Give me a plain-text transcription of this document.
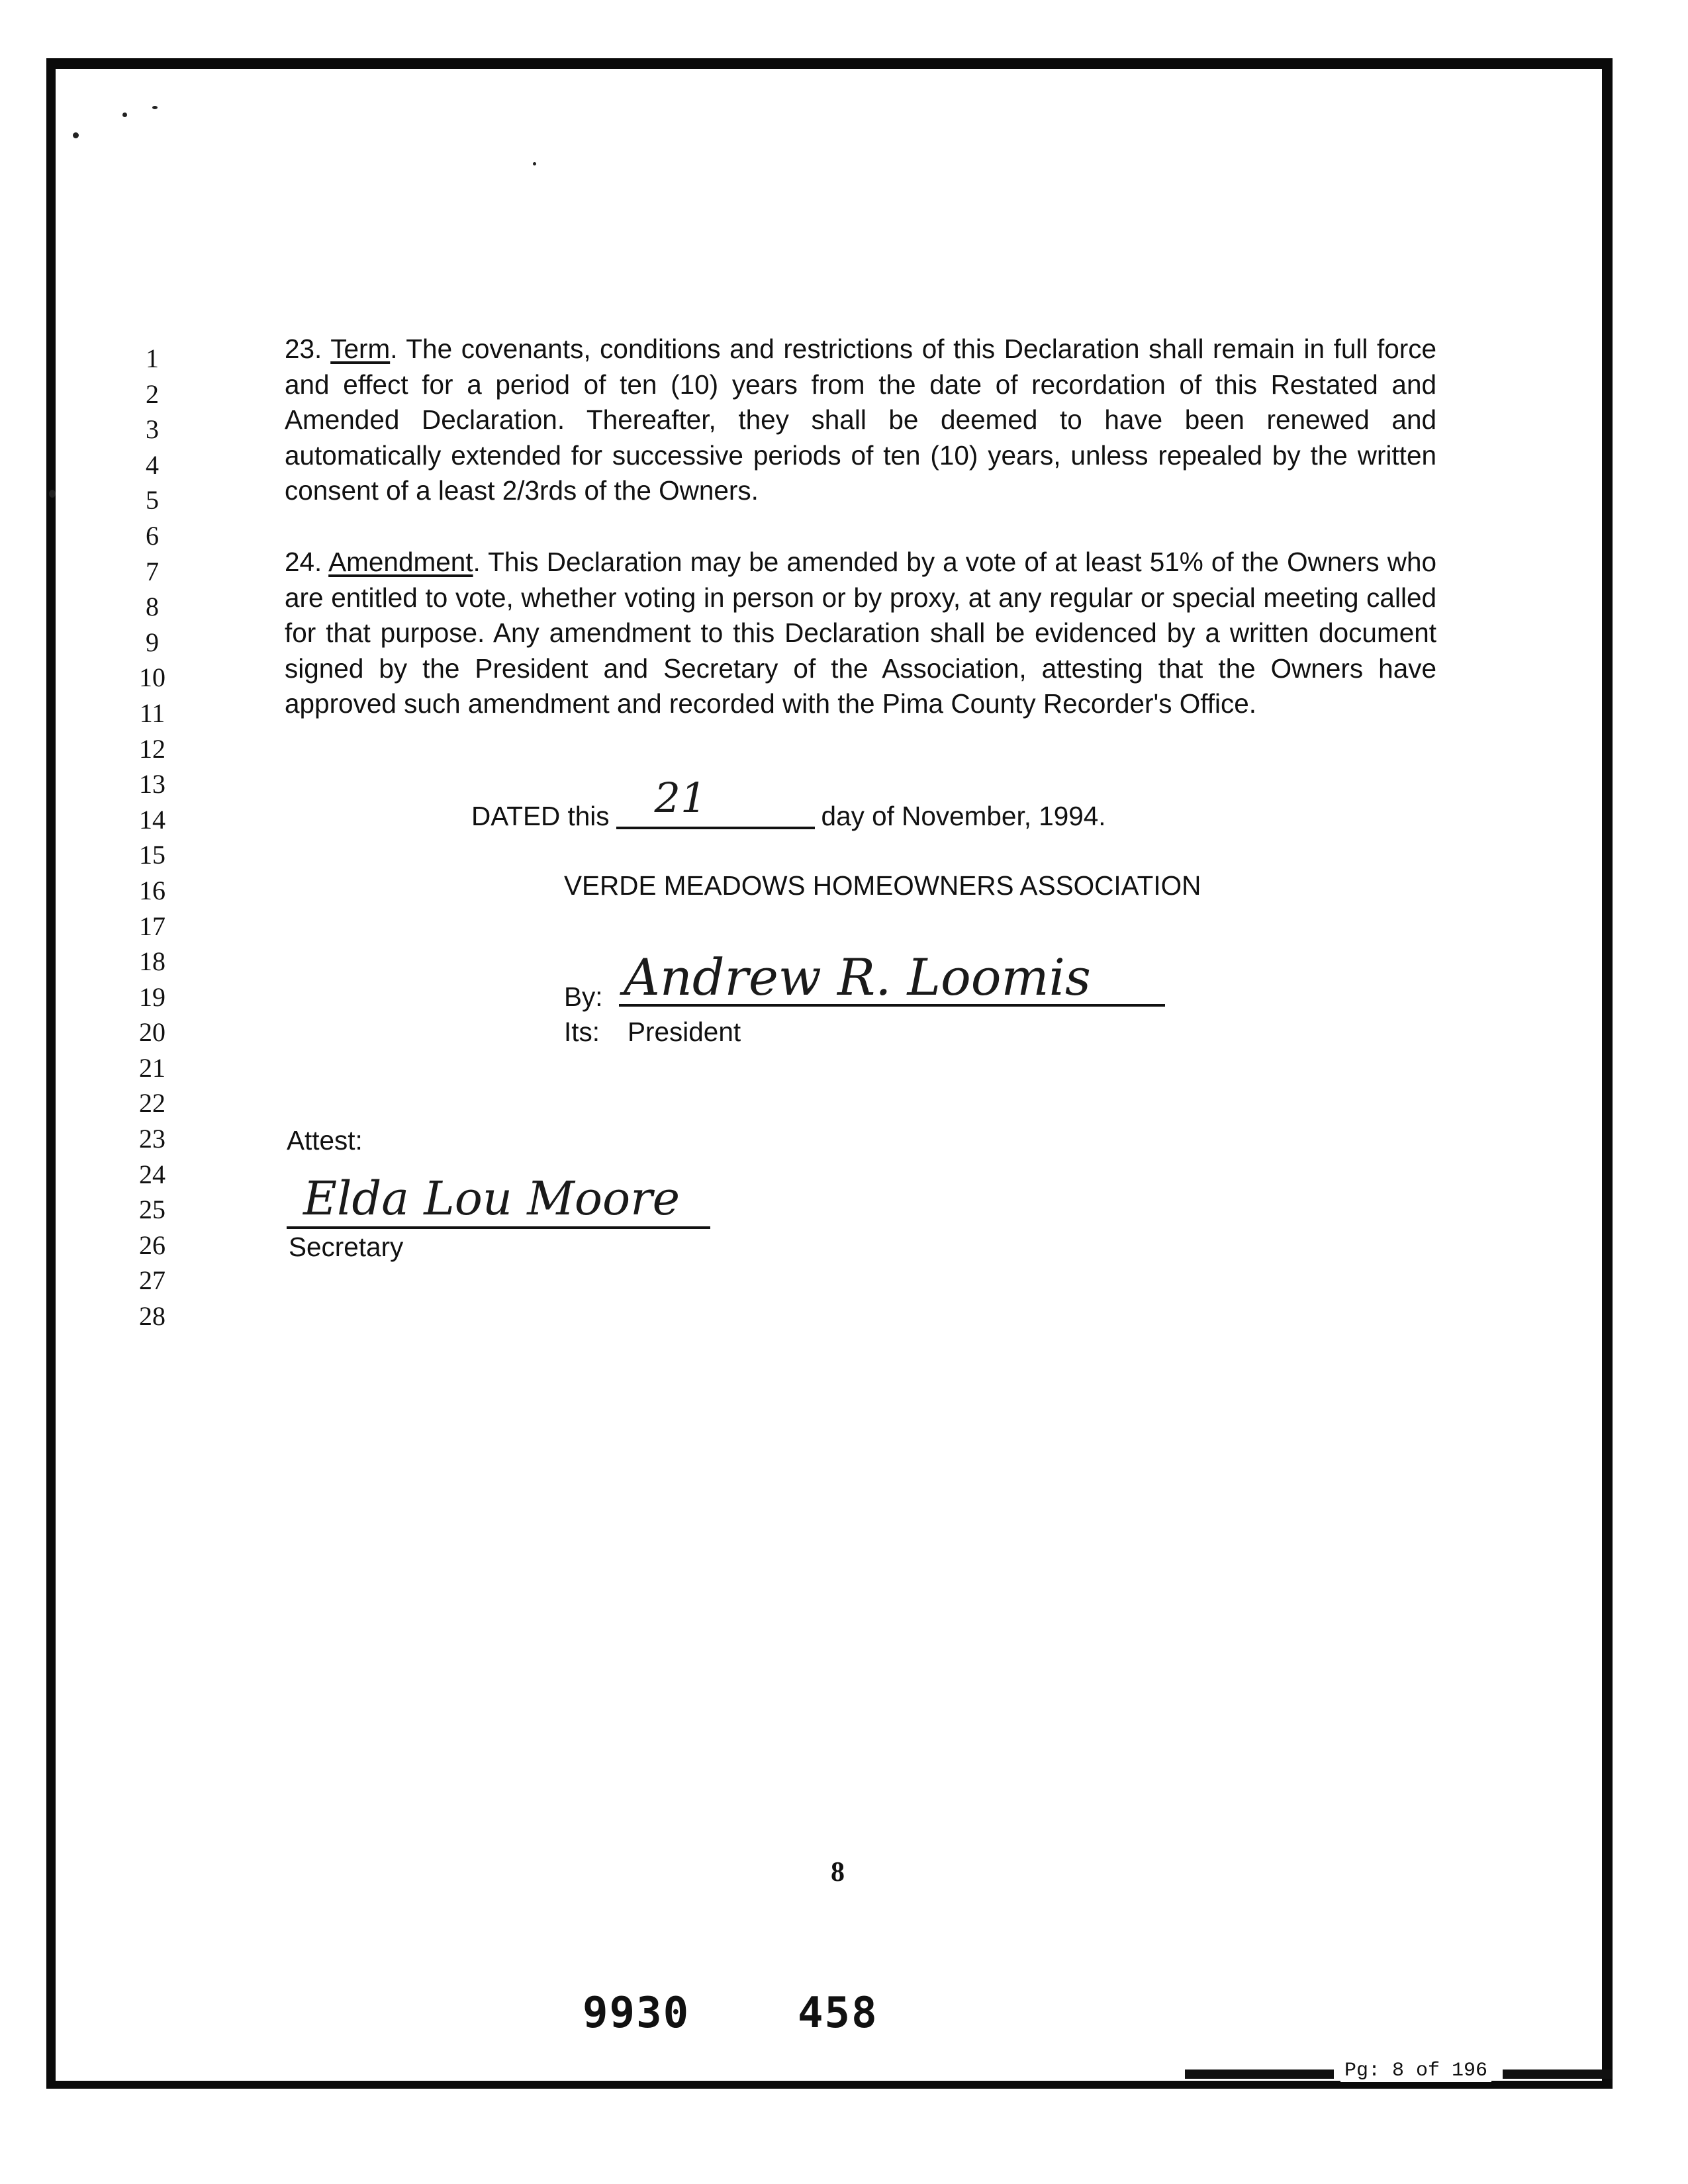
1
2
3
4
5
6
7
8
9
10
11
12
13
14
15
16
17
18
19
20
21
22
23
24
25
26
27
28
23. Term. The covenants, conditions and restrictions of this Declaration shall remain in full force and effect for a period of ten (10) years from the date of recordation of this Restated and Amended Declaration. Thereafter, they shall be deemed to have been renewed and automatically extended for successive periods of ten (10) years, unless repealed by the written consent of a least 2/3rds of the Owners.
24. Amendment. This Declaration may be amended by a vote of at least 51% of the Owners who are entitled to vote, whether voting in person or by proxy, at any regular or special meeting called for that purpose. Any amendment to this Declaration shall be evidenced by a written document signed by the President and Secretary of the Association, attesting that the Owners have approved such amendment and recorded with the Pima County Recorder's Office.
DATED this 21	day of November, 1994.
VERDE MEADOWS HOMEOWNERS ASSOCIATION
By: Andrew R. Loomis
Its: President
Attest:
Elda Lou Moore
Secretary
8
9930	458
Pg: 8 of 196
